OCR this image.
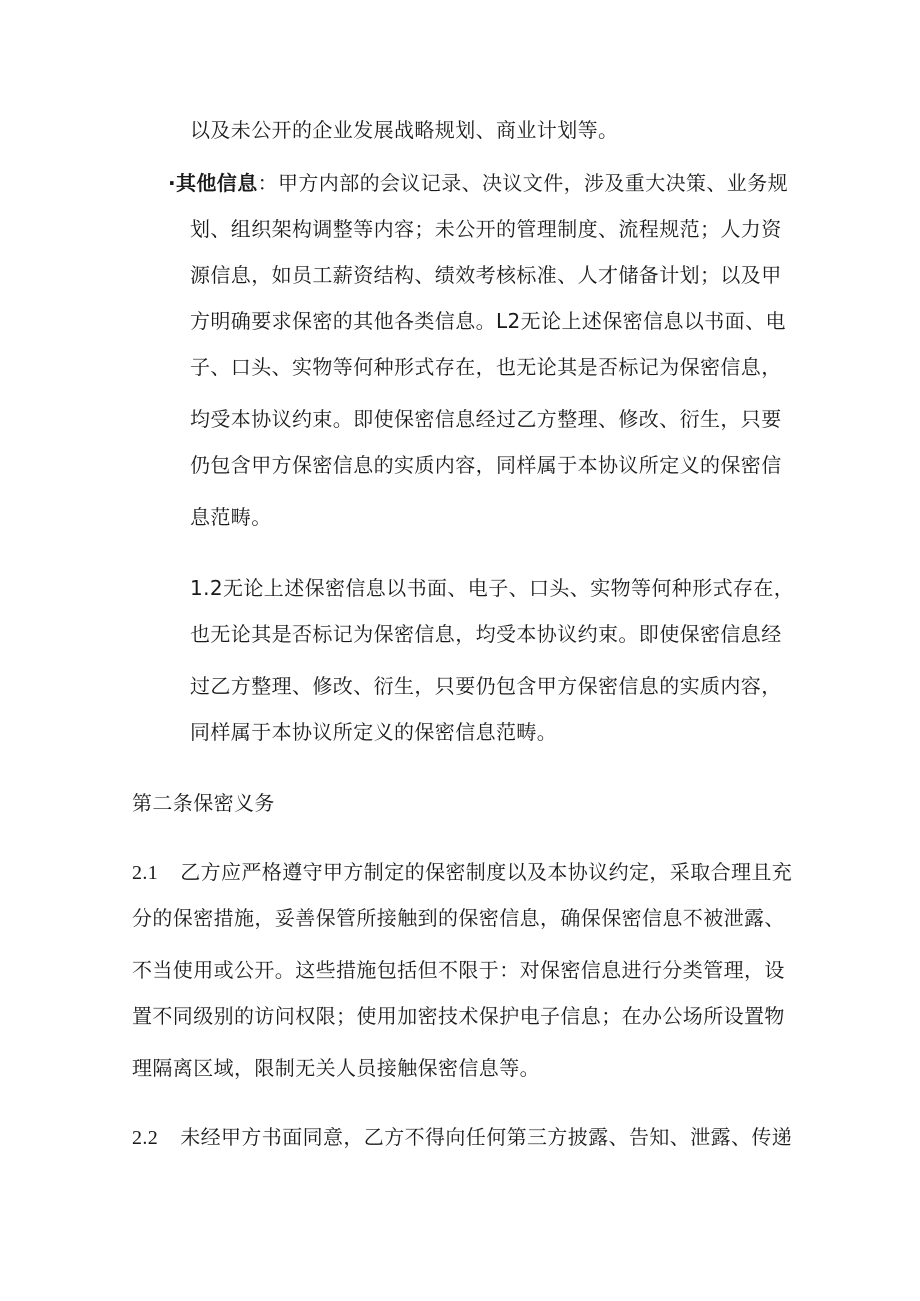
以及未公开的企业发展战略规划、商业计划等。

·其他信息：甲方内部的会议记录、决议文件，涉及重大决策、业务规

划、组织架构调整等内容；未公开的管理制度、流程规范；人力资

源信息，如员工薪资结构、绩效考核标准、人才储备计划；以及甲

方明确要求保密的其他各类信息。L2无论上述保密信息以书面、电

子、口头、实物等何种形式存在，也无论其是否标记为保密信息，

均受本协议约束。即使保密信息经过乙方整理、修改、衍生，只要

仍包含甲方保密信息的实质内容，同样属于本协议所定义的保密信

息范畴。

1.2无论上述保密信息以书面、电子、口头、实物等何种形式存在，

也无论其是否标记为保密信息，均受本协议约束。即使保密信息经

过乙方整理、修改、衍生，只要仍包含甲方保密信息的实质内容，

同样属于本协议所定义的保密信息范畴。

第二条保密义务

2.1 乙方应严格遵守甲方制定的保密制度以及本协议约定，采取合理且充

分的保密措施，妥善保管所接触到的保密信息，确保保密信息不被泄露、

不当使用或公开。这些措施包括但不限于：对保密信息进行分类管理，设

置不同级别的访问权限；使用加密技术保护电子信息；在办公场所设置物

理隔离区域，限制无关人员接触保密信息等。

2.2 未经甲方书面同意，乙方不得向任何第三方披露、告知、泄露、传递
